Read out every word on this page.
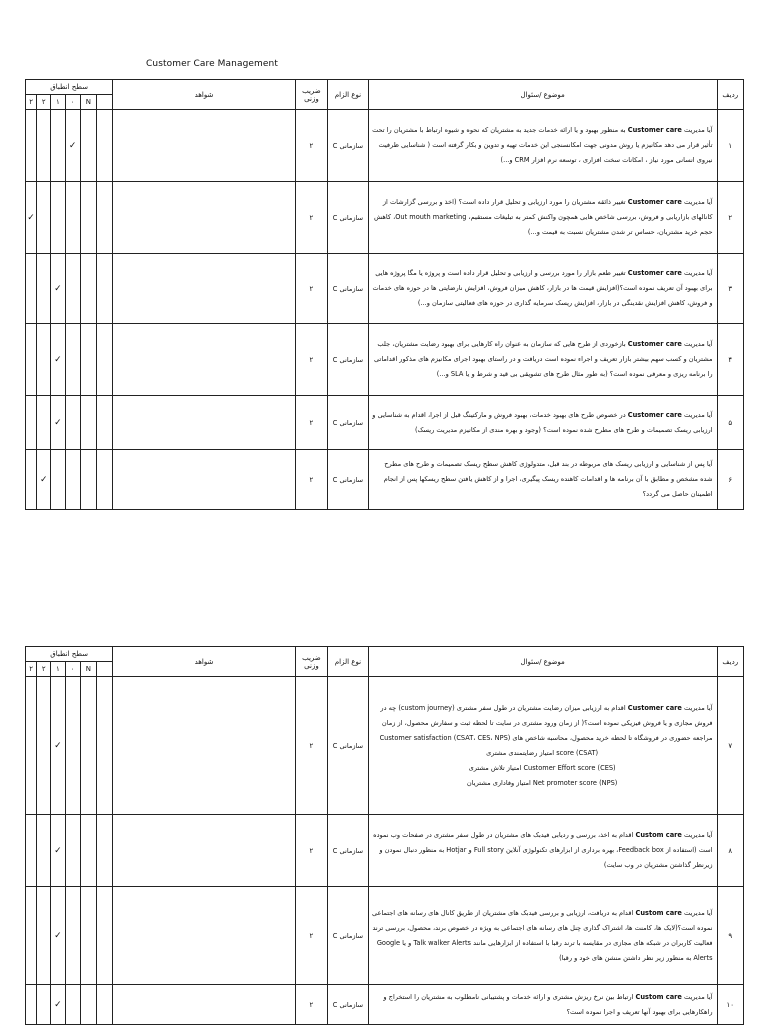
Customer Care Management
سطح انطباق						شواهد	ضریب وزنی	نوع الزام	موضوع /سئوال	ردیف
۲	۲	۱	۰	N						
			✓				۲	سازمانی C	آیا مدیریت Customer care به منظور بهبود و یا ارائه خدمات جدید به مشتریان که نحوه و شیوه ارتباط با مشتریان را تحت تأثیر قرار می دهد مکانیزم یا روش مدونی جهت امکانسنجی این خدمات تهیه و تدوین و بکار گرفته است ( شناسایی ظرفیت نیروی انسانی مورد نیاز ، امکانات سخت افزاری ، توسعه نرم افزار CRM و...)	۱
✓							۲	سازمانی C	آیا مدیریت Customer care تغییر ذائقه مشتریان را مورد ارزیابی و تحلیل قرار داده است؟ (اخذ و بررسی گزارشات از کانالهای بازاریابی و فروش، بررسی شاخص هایی همچون واکنش کمتر به تبلیغات مستقیم، Out mouth marketing، کاهش حجم خرید مشتریان، حساس تر شدن مشتریان نسبت به قیمت و...)	۲
		✓					۲	سازمانی C	آیا مدیریت Customer care تغییر طعم بازار را مورد بررسی و ارزیابی و تحلیل قرار داده است و پروژه یا مگا پروژه هایی برای بهبود آن تعریف نموده است؟(افزایش قیمت ها در بازار، کاهش میزان فروش، افزایش نارضایتی ها در حوزه های خدمات و فروش، کاهش افزایش نقدینگی در بازار، افزایش ریسک سرمایه گذاری در حوزه های فعالیتی سازمان و...)	۳
		✓					۲	سازمانی C	آیا مدیریت Customer care بازخوردی از طرح هایی که سازمان به عنوان راه کارهایی برای بهبود رضایت مشتریان، جلب مشتریان و کسب سهم بیشتر بازار تعریف و اجراء نموده است دریافت و در راستای بهبود اجرای مکانیزم های مذکور اقداماتی را برنامه ریزی و معرفی نموده است؟ (به طور مثال طرح های تشویقی بی قید و شرط و یا SLA و...)	۴
		✓					۲	سازمانی C	آیا مدیریت Customer care در خصوص طرح های بهبود خدمات، بهبود فروش و مارکتینگ قبل از اجرا، اقدام به شناسایی و ارزیابی ریسک تصمیمات و طرح های مطرح شده نموده است؟ (وجود و بهره مندی از مکانیزم مدیریت ریسک)	۵
	✓						۲	سازمانی C	آیا پس از شناسایی و ارزیابی ریسک های مربوطه در بند قبل، متدولوژی کاهش سطح ریسک تصمیمات و طرح های مطرح شده مشخص و مطابق با آن برنامه ها و اقدامات کاهنده ریسک پیگیری، اجرا و از کاهش یافتن سطح ریسکها پس از انجام اطمینان حاصل می گردد؟	۶
سطح انطباق						شواهد	ضریب وزنی	نوع الزام	موضوع /سئوال	ردیف
۲	۲	۱	۰	N						
		✓					۲	سازمانی C	آیا مدیریت Customer care اقدام به ارزیابی میزان رضایت مشتریان در طول سفر مشتری (custom journey) چه در فروش مجازی و یا فروش فیزیکی نموده است؟( از زمان ورود مشتری در سایت تا لحظه ثبت و سفارش محصول، از زمان مراجعه حضوری در فروشگاه تا لحظه خرید محصول، محاسبه شاخص های Customer satisfaction (CSAT، CES، NPS)
score (CSAT) امتیاز رضایتمندی مشتری
Customer Effort score (CES) امتیاز تلاش مشتری
Net promoter score (NPS) امتیاز وفاداری مشتریان	۷
		✓					۲	سازمانی C	آیا مدیریت Custom care اقدام به اخذ، بررسی و ردیابی فیدبک های مشتریان در طول سفر مشتری در صفحات وب نموده است (استفاده از Feedback box، بهره برداری از ابزارهای تکنولوژی آنلاین Full story و Hotjar به منظور دنبال نمودن و زیرنظر گذاشتن مشتریان در وب سایت)	۸
		✓					۲	سازمانی C	آیا مدیریت Custom care اقدام به دریافت، ارزیابی و بررسی فیدبک های مشتریان از طریق کانال های رسانه های اجتماعی نموده است؟(لایک ها، کامنت ها، اشتراک گذاری چنل های رسانه های اجتماعی به ویژه در خصوص برند، محصول، بررسی ترند فعالیت کاربران در شبکه های مجازی در مقایسه با ترند رقبا با استفاده از ابزارهایی مانند Talk walker Alerts و یا Google Alerts به منظور زیر نظر داشتن منشن های خود و رقبا)	۹
		✓					۲	سازمانی C	آیا مدیریت Custom care ارتباط بین نرخ ریزش مشتری و ارائه خدمات و پشتیبانی نامطلوب به مشتریان را استخراج و راهکارهایی برای بهبود آنها تعریف و اجرا نموده است؟	۱۰
